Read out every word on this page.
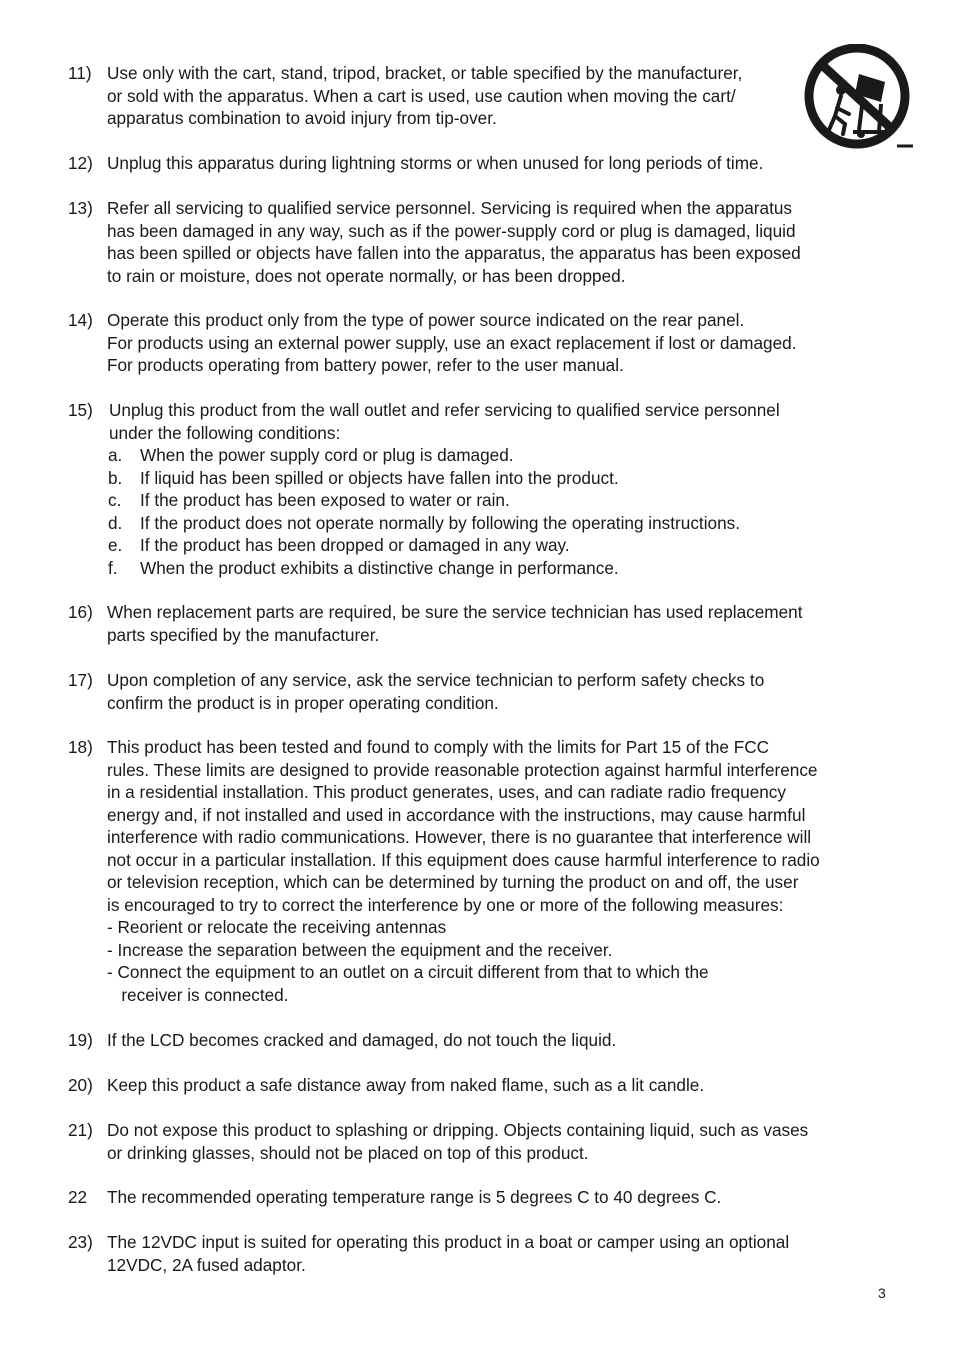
11) Use only with the cart, stand, tripod, bracket, or table specified by the manufacturer,
or sold with the apparatus. When a cart is used, use caution when moving the cart/
apparatus combination to avoid injury from tip-over.
12) Unplug this apparatus during lightning storms or when unused for long periods of time.
13) Refer all servicing to qualified service personnel. Servicing is required when the apparatus
has been damaged in any way, such as if the power-supply cord or plug is damaged, liquid
has been spilled or objects have fallen into the apparatus, the apparatus has been exposed
to rain or moisture, does not operate normally, or has been dropped.
14) Operate this product only from the type of power source indicated on the rear panel.
For products using an external power supply, use an exact replacement if lost or damaged.
For products operating from battery power, refer to the user manual.
15) Unplug this product from the wall outlet and refer servicing to qualified service personnel
under the following conditions:
a. When the power supply cord or plug is damaged.
b. If liquid has been spilled or objects have fallen into the product.
c. If the product has been exposed to water or rain.
d. If the product does not operate normally by following the operating instructions.
e. If the product has been dropped or damaged in any way.
f. When the product exhibits a distinctive change in performance.
16) When replacement parts are required, be sure the service technician has used replacement
parts specified by the manufacturer.
17) Upon completion of any service, ask the service technician to perform safety checks to
confirm the product is in proper operating condition.
18) This product has been tested and found to comply with the limits for Part 15 of the FCC
rules. These limits are designed to provide reasonable protection against harmful interference
in a residential installation. This product generates, uses, and can radiate radio frequency
energy and, if not installed and used in accordance with the instructions, may cause harmful
interference with radio communications. However, there is no guarantee that interference will
not occur in a particular installation. If this equipment does cause harmful interference to radio
or television reception, which can be determined by turning the product on and off, the user
is encouraged to try to correct the interference by one or more of the following measures:
- Reorient or relocate the receiving antennas
- Increase the separation between the equipment and the receiver.
- Connect the equipment to an outlet on a circuit different from that to which the
receiver is connected.
19) If the LCD becomes cracked and damaged, do not touch the liquid.
20) Keep this product a safe distance away from naked flame, such as a lit candle.
21) Do not expose this product to splashing or dripping. Objects containing liquid, such as vases
or drinking glasses, should not be placed on top of this product.
22 The recommended operating temperature range is 5 degrees C to 40 degrees C.
23) The 12VDC input is suited for operating this product in a boat or camper using an optional
12VDC, 2A fused adaptor.
3
